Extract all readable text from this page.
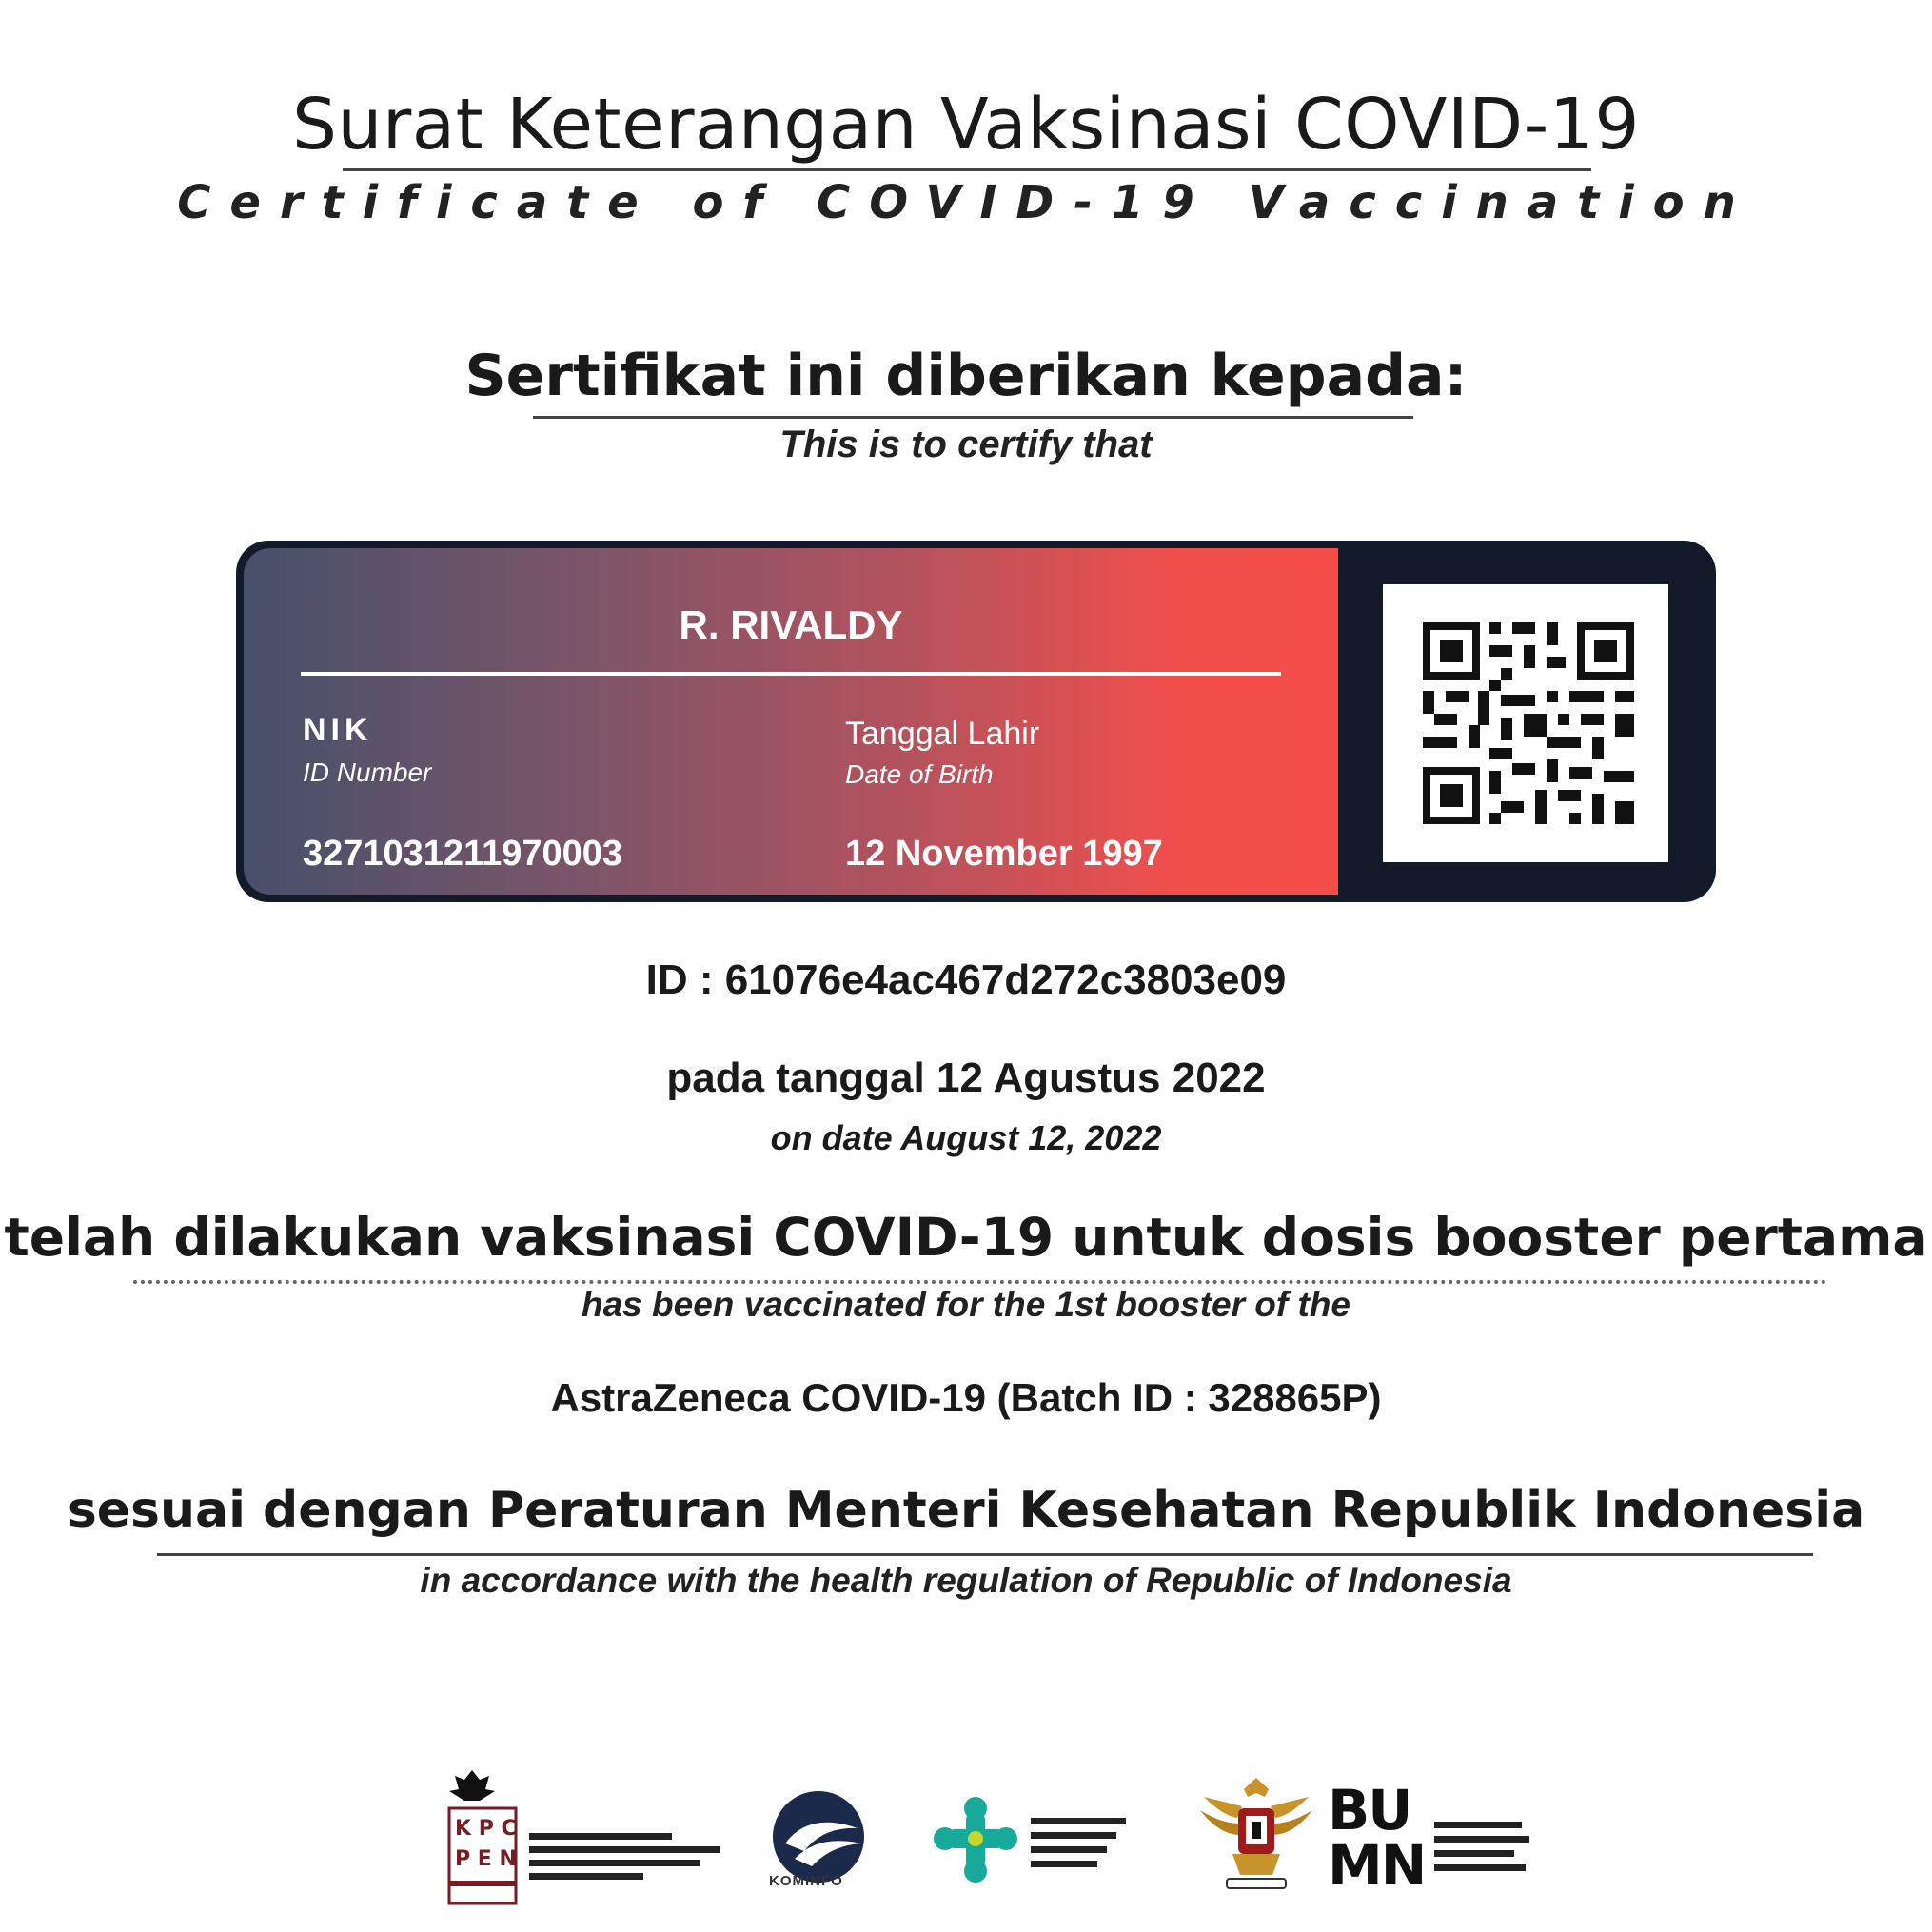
Surat Keterangan Vaksinasi COVID-19
Certificate of COVID-19 Vaccination
Sertifikat ini diberikan kepada:
This is to certify that
R. RIVALDY
NIK
ID Number
3271031211970003
Tanggal Lahir
Date of Birth
12 November 1997
ID : 61076e4ac467d272c3803e09
pada tanggal 12 Agustus 2022
on date August 12, 2022
telah dilakukan vaksinasi COVID-19 untuk dosis booster pertama
has been vaccinated for the 1st booster of the
AstraZeneca COVID-19 (Batch ID : 328865P)
sesuai dengan Peraturan Menteri Kesehatan Republik Indonesia
in accordance with the health regulation of Republic of Indonesia
K P C
P E N
KOMINFO
BU
MN
